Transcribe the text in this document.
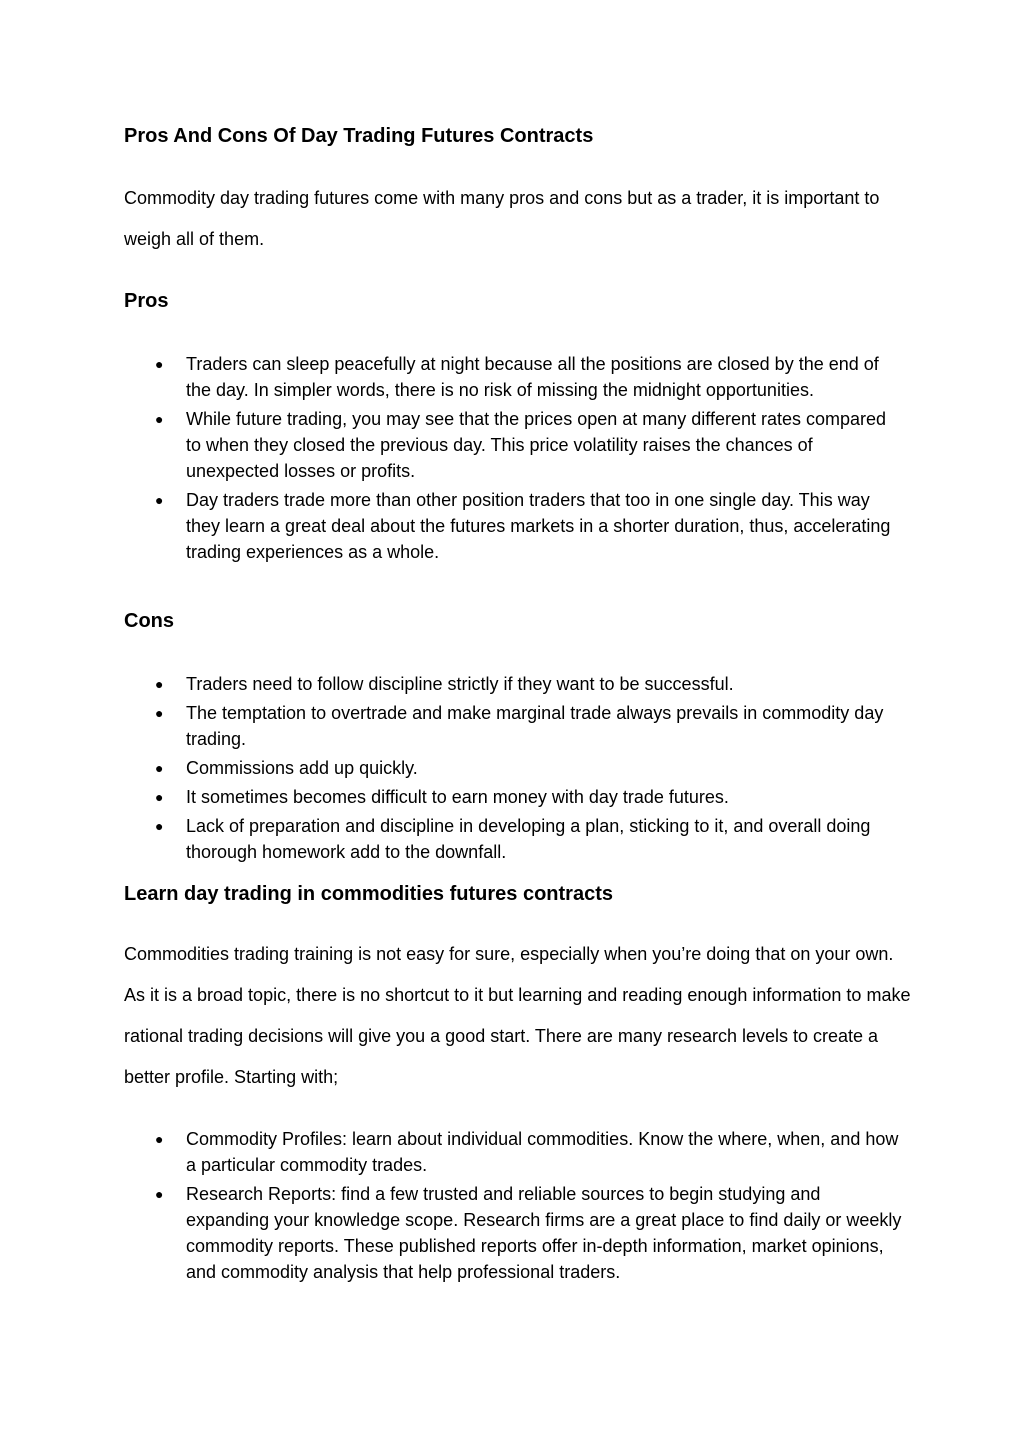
Pros And Cons Of Day Trading Futures Contracts

Commodity day trading futures come with many pros and cons but as a trader, it is important to weigh all of them.

Pros
● Traders can sleep peacefully at night because all the positions are closed by the end of the day. In simpler words, there is no risk of missing the midnight opportunities.
● While future trading, you may see that the prices open at many different rates compared to when they closed the previous day. This price volatility raises the chances of unexpected losses or profits.
● Day traders trade more than other position traders that too in one single day. This way they learn a great deal about the futures markets in a shorter duration, thus, accelerating trading experiences as a whole.
Cons
● Traders need to follow discipline strictly if they want to be successful.
● The temptation to overtrade and make marginal trade always prevails in commodity day trading.
● Commissions add up quickly.
● It sometimes becomes difficult to earn money with day trade futures.
● Lack of preparation and discipline in developing a plan, sticking to it, and overall doing thorough homework add to the downfall.
Learn day trading in commodities futures contracts

Commodities trading training is not easy for sure, especially when you’re doing that on your own. As it is a broad topic, there is no shortcut to it but learning and reading enough information to make rational trading decisions will give you a good start. There are many research levels to create a better profile. Starting with;

● Commodity Profiles: learn about individual commodities. Know the where, when, and how a particular commodity trades.
● Research Reports: find a few trusted and reliable sources to begin studying and expanding your knowledge scope. Research firms are a great place to find daily or weekly commodity reports. These published reports offer in-depth information, market opinions, and commodity analysis that help professional traders.
